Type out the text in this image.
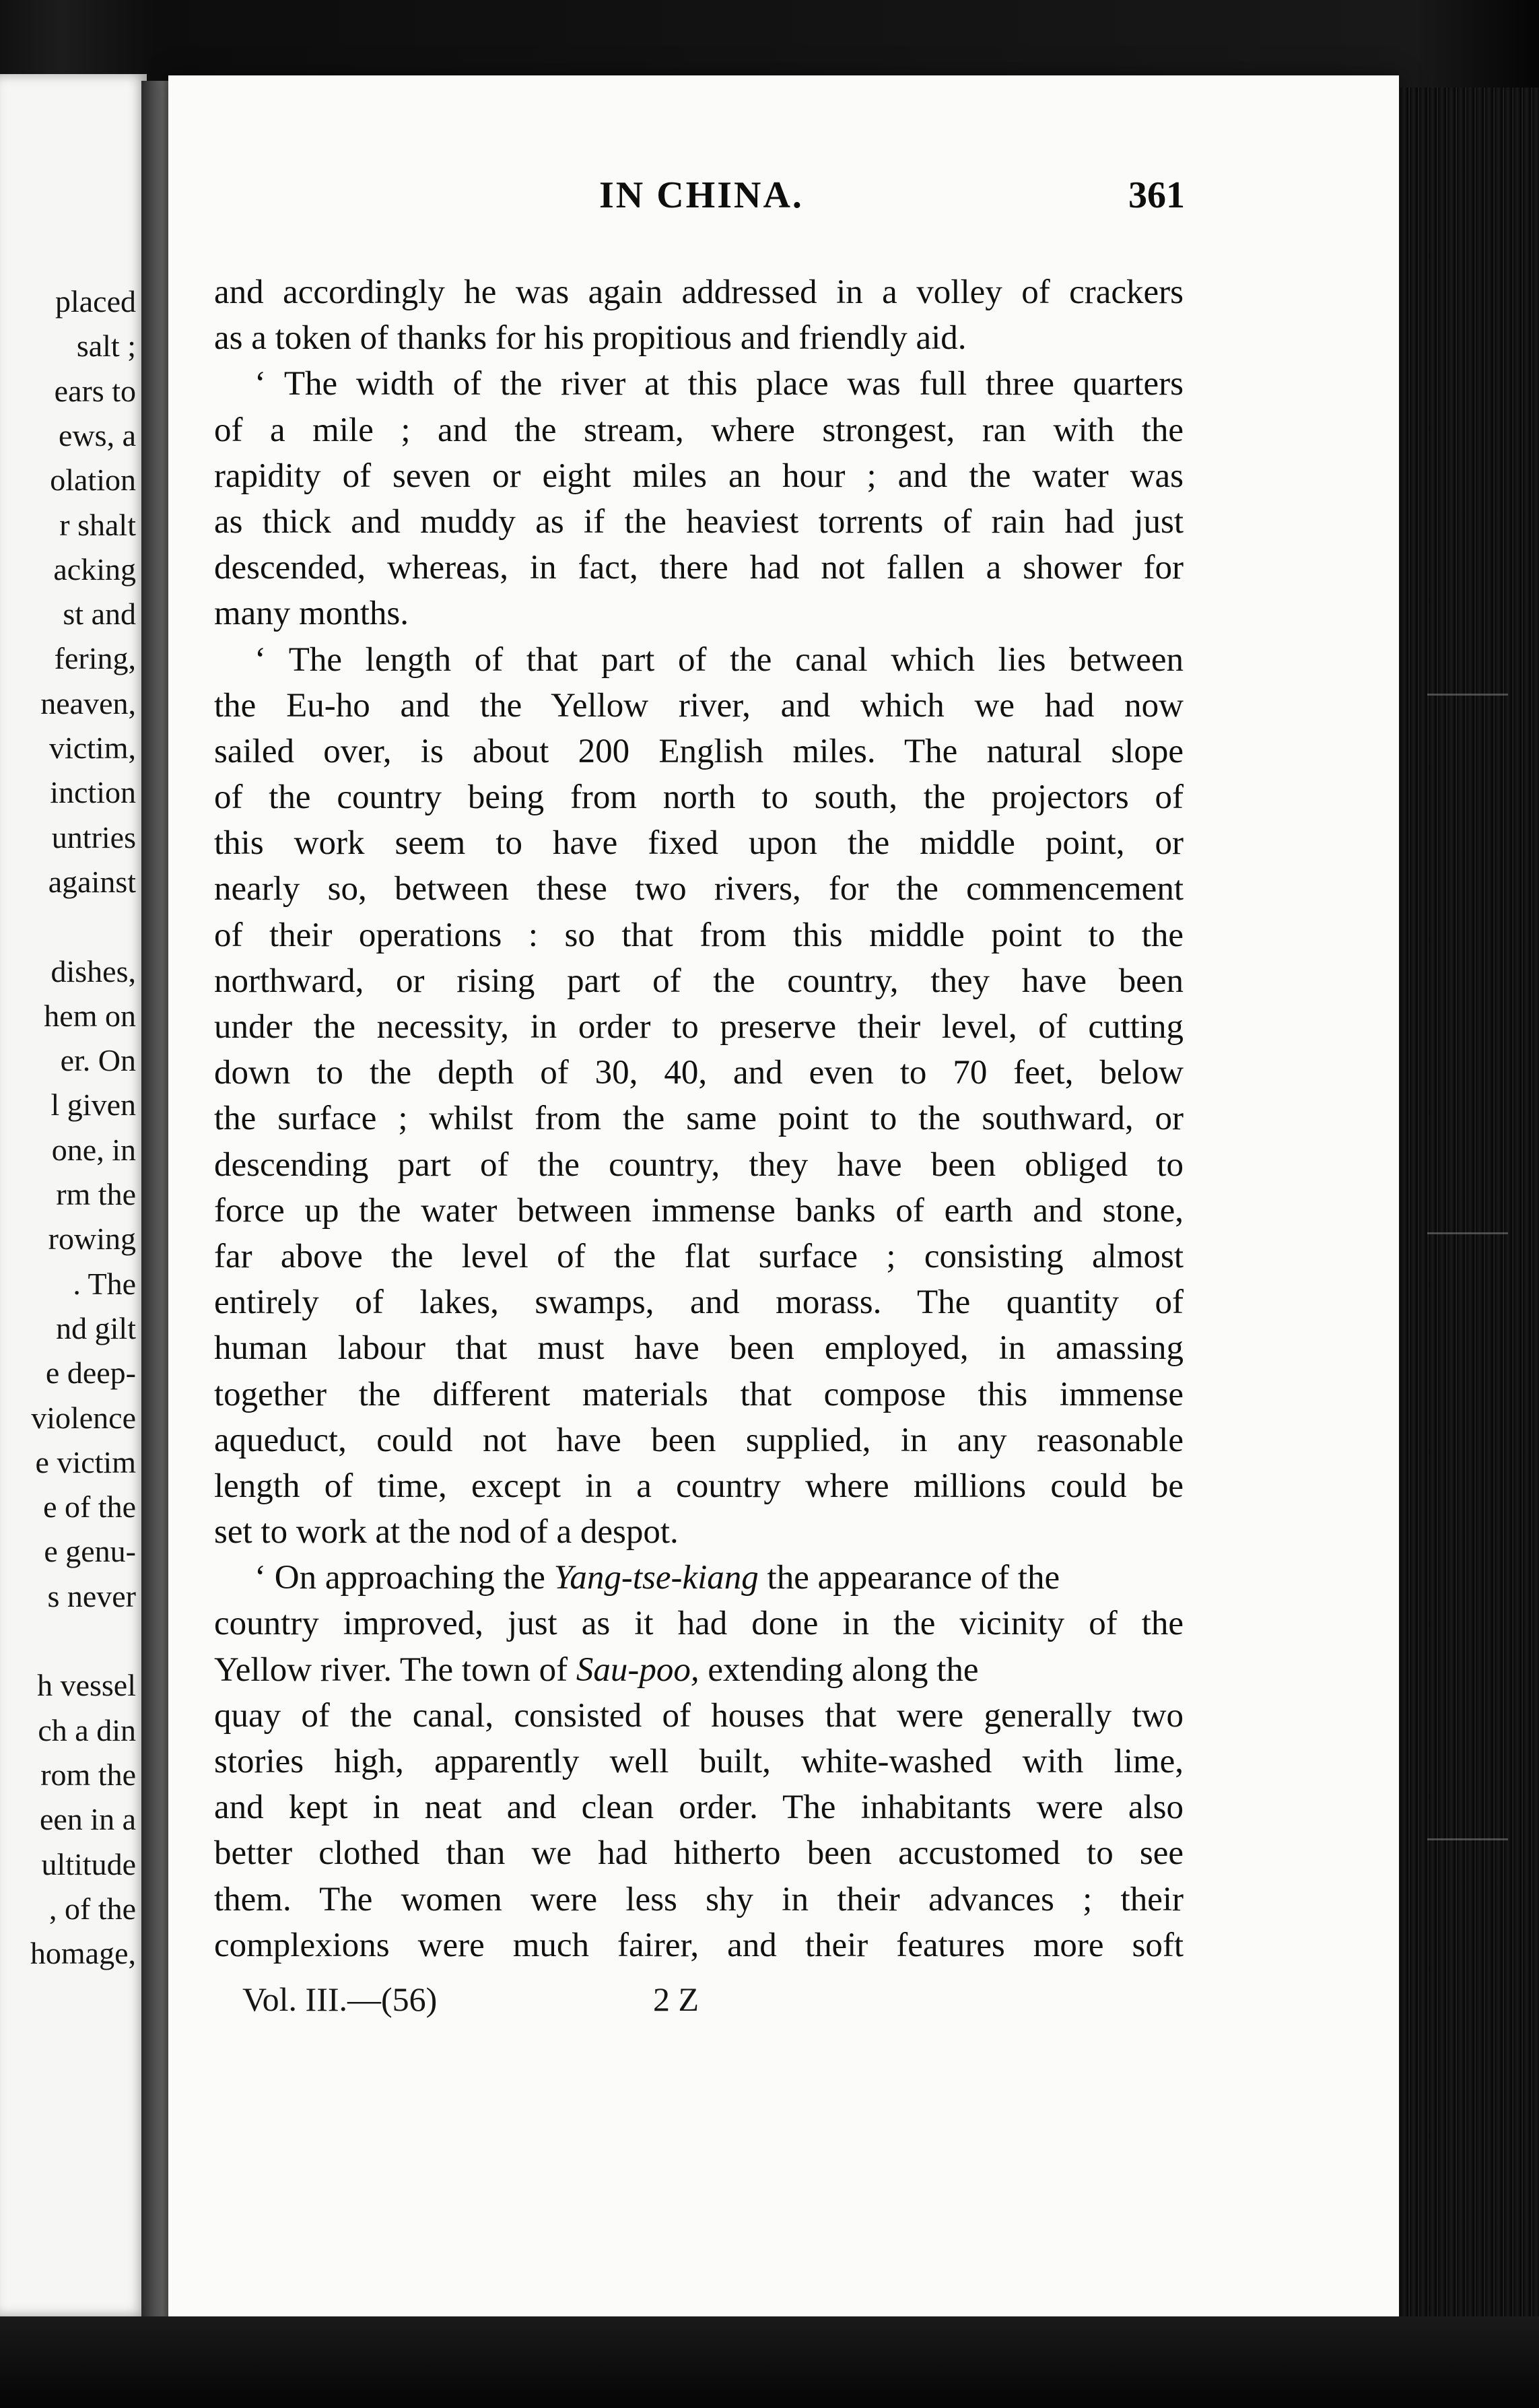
placed
salt ;
ears to
ews, a
olation
r shalt
acking
st and
fering,
neaven,
victim,
inction
untries
against
dishes,
hem on
er. On
l given
one, in
rm the
rowing
. The
nd gilt
e deep-
violence
e victim
e of the
e genu-
s never
h vessel
ch a din
rom the
een in a
ultitude
, of the
homage,
IN CHINA.	361
and accordingly he was again addressed in a volley of crackers
as a token of thanks for his propitious and friendly aid.
‘ The width of the river at this place was full three quarters
of a mile ; and the stream, where strongest, ran with the
rapidity of seven or eight miles an hour ; and the water was
as thick and muddy as if the heaviest torrents of rain had just
descended, whereas, in fact, there had not fallen a shower for
many months.
‘ The length of that part of the canal which lies between
the Eu-ho and the Yellow river, and which we had now
sailed over, is about 200 English miles. The natural slope
of the country being from north to south, the projectors of
this work seem to have fixed upon the middle point, or
nearly so, between these two rivers, for the commencement
of their operations : so that from this middle point to the
northward, or rising part of the country, they have been
under the necessity, in order to preserve their level, of cutting
down to the depth of 30, 40, and even to 70 feet, below
the surface ; whilst from the same point to the southward, or
descending part of the country, they have been obliged to
force up the water between immense banks of earth and stone,
far above the level of the flat surface ; consisting almost
entirely of lakes, swamps, and morass. The quantity of
human labour that must have been employed, in amassing
together the different materials that compose this immense
aqueduct, could not have been supplied, in any reasonable
length of time, except in a country where millions could be
set to work at the nod of a despot.
‘ On approaching the Yang-tse-kiang the appearance of the
country improved, just as it had done in the vicinity of the
Yellow river. The town of Sau-poo, extending along the
quay of the canal, consisted of houses that were generally two
stories high, apparently well built, white-washed with lime,
and kept in neat and clean order. The inhabitants were also
better clothed than we had hitherto been accustomed to see
them. The women were less shy in their advances ; their
complexions were much fairer, and their features more soft
Vol. III.—(56)	2 Z
